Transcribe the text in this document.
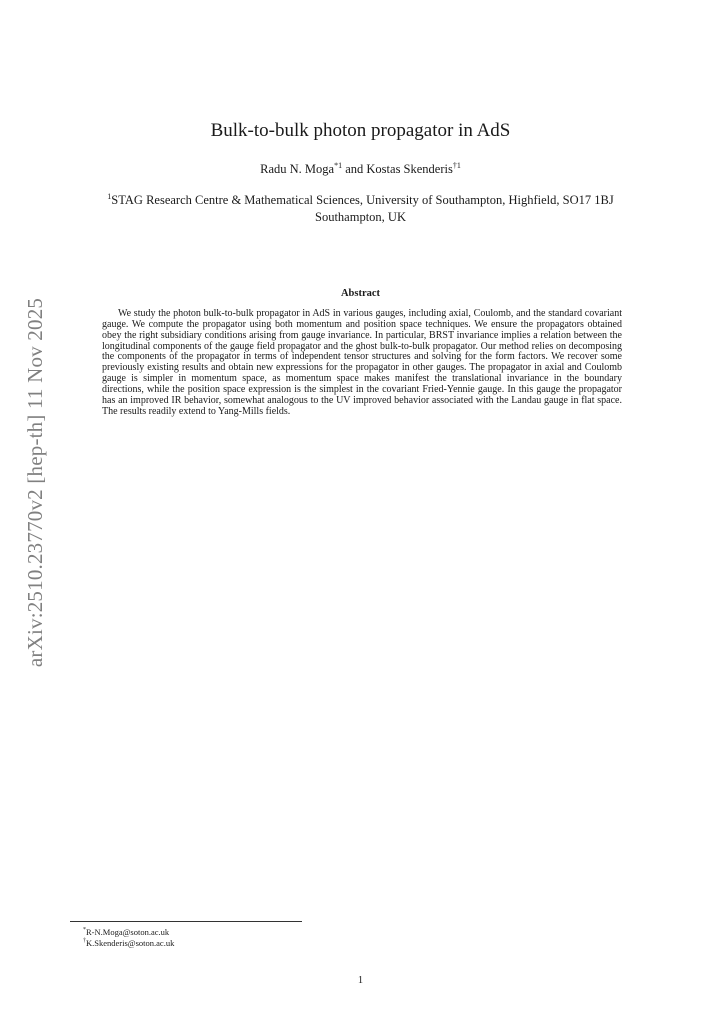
arXiv:2510.23770v2 [hep-th] 11 Nov 2025
Bulk-to-bulk photon propagator in AdS
Radu N. Moga$^{*1}$ and Kostas Skenderis$^{\dagger 1}$
$^1$STAG Research Centre & Mathematical Sciences, University of Southampton, Highfield, SO17 1BJ Southampton, UK
Abstract

We study the photon bulk-to-bulk propagator in AdS in various gauges, including axial, Coulomb, and the standard covariant gauge. We compute the propagator using both momentum and position space techniques. We ensure the propagators obtained obey the right subsidiary conditions arising from gauge invariance. In particular, BRST invariance implies a relation between the longitudinal components of the gauge field propagator and the ghost bulk-to-bulk propagator. Our method relies on decomposing the components of the propagator in terms of independent tensor structures and solving for the form factors. We recover some previously existing results and obtain new expressions for the propagator in other gauges. The propagator in axial and Coulomb gauge is simpler in momentum space, as momentum space makes manifest the translational invariance in the boundary directions, while the position space expression is the simplest in the covariant Fried-Yennie gauge. In this gauge the propagator has an improved IR behavior, somewhat analogous to the UV improved behavior associated with the Landau gauge in flat space. The results readily extend to Yang-Mills fields.

*R-N.Moga@soton.ac.uk
†K.Skenderis@soton.ac.uk
1
